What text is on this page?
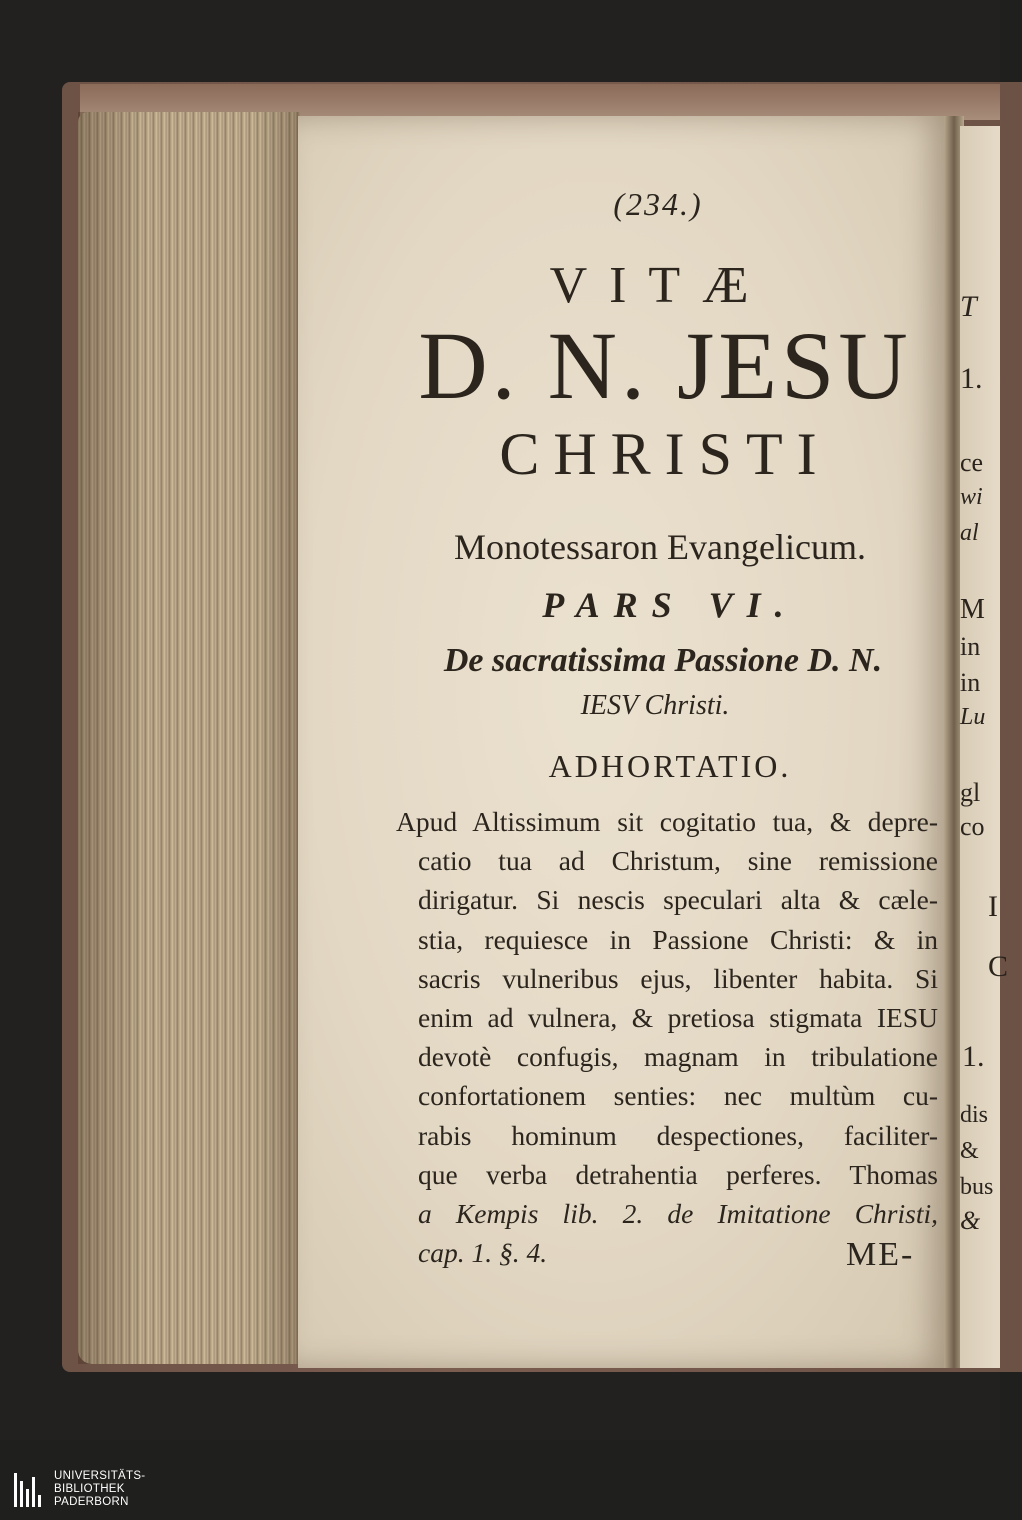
(234.)
VITÆ
D. N. JESU
CHRISTI
Monotessaron Evangelicum.
PARS VI.
De sacratissima Passione D. N.
IESV Christi.
ADHORTATIO.
Apud Altissimum sit cogitatio tua, & depre-
catio tua ad Christum, sine remissione
dirigatur. Si nescis speculari alta & cæle-
stia, requiesce in Passione Christi: & in
sacris vulneribus ejus, libenter habita. Si
enim ad vulnera, & pretiosa stigmata IESU
devotè confugis, magnam in tribulatione
confortationem senties: nec multùm cu-
rabis hominum despectiones, faciliter-
que verba detrahentia perferes. Thomas
a Kempis lib. 2. de Imitatione Christi,
cap. 1. §. 4.	ME-
T
1.
ce
wi
al
M
in
in
Lu
gl
co
I
C
1.
dis
&
bus
&
UNIVERSITÄTS-
BIBLIOTHEK
PADERBORN
